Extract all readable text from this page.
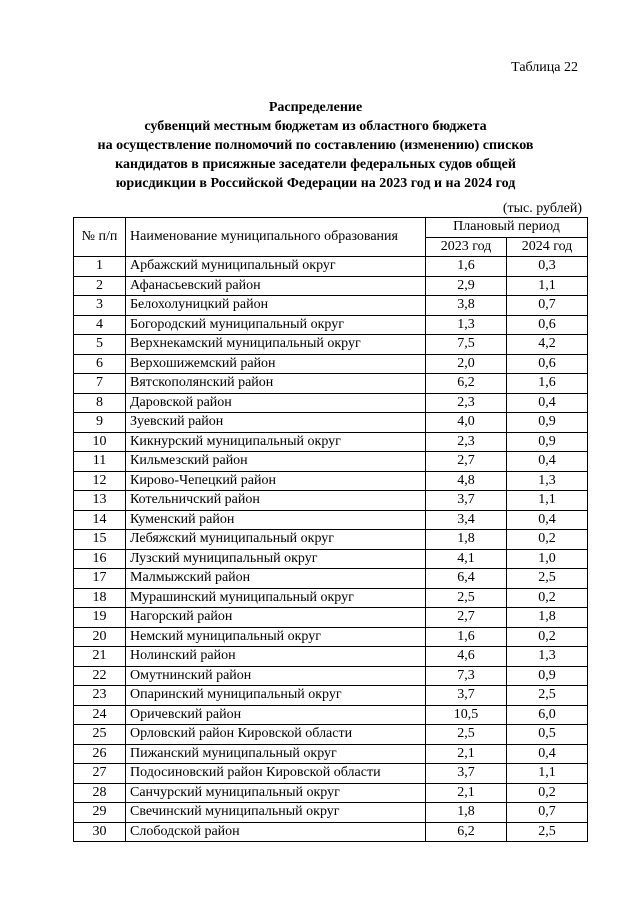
Таблица 22
Распределение
субвенций местным бюджетам из областного бюджета
на осуществление полномочий по составлению (изменению) списков
кандидатов в присяжные заседатели федеральных судов общей
юрисдикции в Российской Федерации на 2023 год и на 2024 год
(тыс. рублей)
№ п/п	Наименование муниципального образования	Плановый период	
		2023 год	2024 год
1	Арбажский муниципальный округ	1,6	0,3
2	Афанасьевский район	2,9	1,1
3	Белохолуницкий район	3,8	0,7
4	Богородский муниципальный округ	1,3	0,6
5	Верхнекамский муниципальный округ	7,5	4,2
6	Верхошижемский район	2,0	0,6
7	Вятскополянский район	6,2	1,6
8	Даровской район	2,3	0,4
9	Зуевский район	4,0	0,9
10	Кикнурский муниципальный округ	2,3	0,9
11	Кильмезский район	2,7	0,4
12	Кирово-Чепецкий район	4,8	1,3
13	Котельничский район	3,7	1,1
14	Куменский район	3,4	0,4
15	Лебяжский муниципальный округ	1,8	0,2
16	Лузский муниципальный округ	4,1	1,0
17	Малмыжский район	6,4	2,5
18	Мурашинский муниципальный округ	2,5	0,2
19	Нагорский район	2,7	1,8
20	Немский муниципальный округ	1,6	0,2
21	Нолинский район	4,6	1,3
22	Омутнинский район	7,3	0,9
23	Опаринский муниципальный округ	3,7	2,5
24	Оричевский район	10,5	6,0
25	Орловский район Кировской области	2,5	0,5
26	Пижанский муниципальный округ	2,1	0,4
27	Подосиновский район Кировской области	3,7	1,1
28	Санчурский муниципальный округ	2,1	0,2
29	Свечинский муниципальный округ	1,8	0,7
30	Слободской район	6,2	2,5
